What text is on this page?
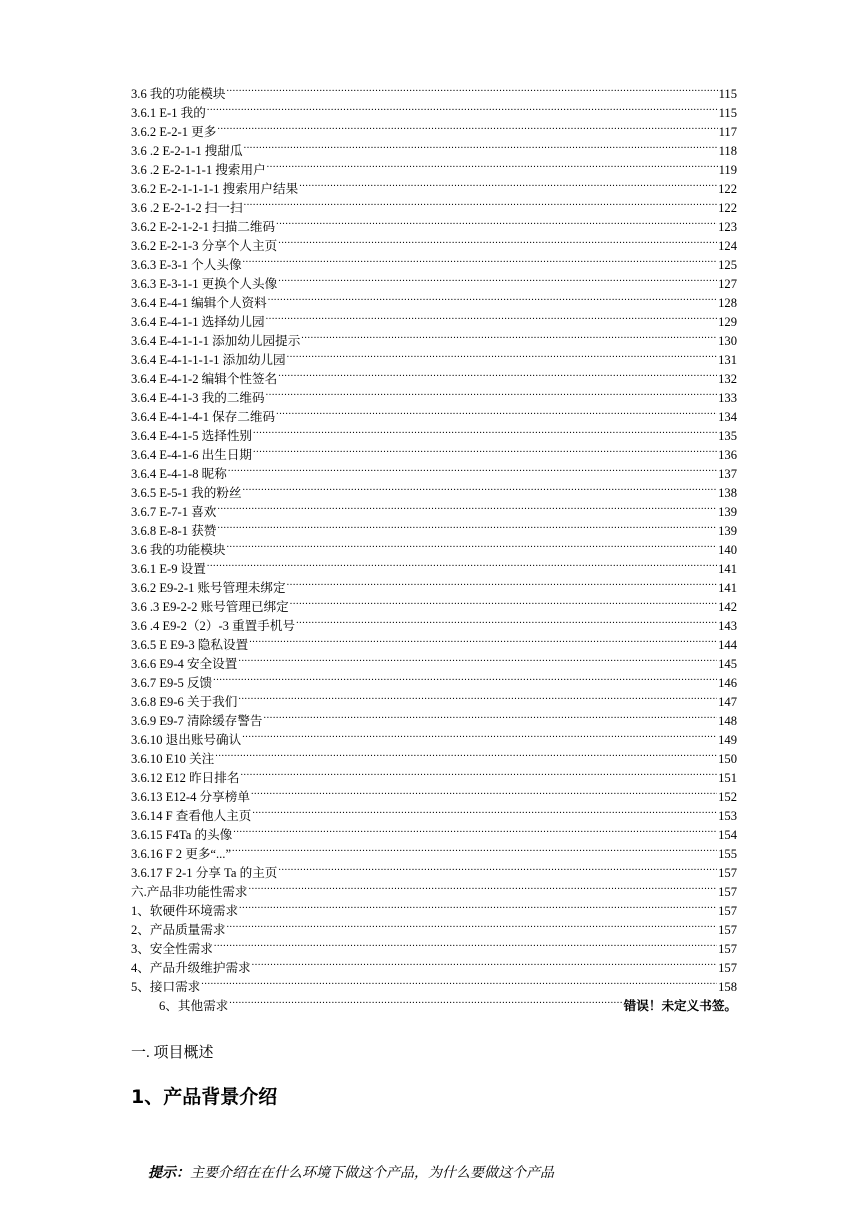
3.6 我的功能模块 .....	115
3.6.1 E-1 我的 .....	115
3.6.2 E-2-1 更多 .....	117
3.6 .2 E-2-1-1 搜甜瓜 .....	118
3.6 .2 E-2-1-1-1 搜索用户 .....	119
3.6.2 E-2-1-1-1-1 搜索用户结果 .....	122
3.6 .2 E-2-1-2 扫一扫 .....	122
3.6.2 E-2-1-2-1 扫描二维码 .....	123
3.6.2 E-2-1-3 分享个人主页 .....	124
3.6.3 E-3-1 个人头像 .....	125
3.6.3 E-3-1-1 更换个人头像 .....	127
3.6.4 E-4-1 编辑个人资料 .....	128
3.6.4 E-4-1-1 选择幼儿园 .....	129
3.6.4 E-4-1-1-1 添加幼儿园提示 .....	130
3.6.4 E-4-1-1-1-1 添加幼儿园 .....	131
3.6.4 E-4-1-2 编辑个性签名 .....	132
3.6.4 E-4-1-3 我的二维码 .....	133
3.6.4 E-4-1-4-1 保存二维码 .....	134
3.6.4 E-4-1-5 选择性别 .....	135
3.6.4 E-4-1-6 出生日期 .....	136
3.6.4 E-4-1-8 昵称 .....	137
3.6.5 E-5-1 我的粉丝 .....	138
3.6.7 E-7-1 喜欢 .....	139
3.6.8 E-8-1 获赞 .....	139
3.6 我的功能模块 .....	140
3.6.1 E-9 设置 .....	141
3.6.2 E9-2-1 账号管理未绑定 .....	141
3.6 .3 E9-2-2 账号管理已绑定 .....	142
3.6 .4 E9-2（2）-3 重置手机号 .....	143
3.6.5 E E9-3 隐私设置 .....	144
3.6.6 E9-4 安全设置 .....	145
3.6.7 E9-5 反馈 .....	146
3.6.8 E9-6 关于我们 .....	147
3.6.9 E9-7 清除缓存警告 .....	148
3.6.10 退出账号确认 .....	149
3.6.10 E10 关注 .....	150
3.6.12 E12 昨日排名 .....	151
3.6.13 E12-4 分享榜单 .....	152
3.6.14 F 查看他人主页 .....	153
3.6.15 F4Ta 的头像 .....	154
3.6.16 F 2 更多“...” .....	155
3.6.17 F 2-1 分享 Ta 的主页 .....	157
六.产品非功能性需求 .....	157
1、软硬件环境需求 .....	157
2、产品质量需求 .....	157
3、安全性需求 .....	157
4、产品升级维护需求 .....	157
5、接口需求 .....	158
6、其他需求 .....	错误！未定义书签。
一. 项目概述
1、产品背景介绍
提示：主要介绍在在什么环境下做这个产品，为什么要做这个产品
